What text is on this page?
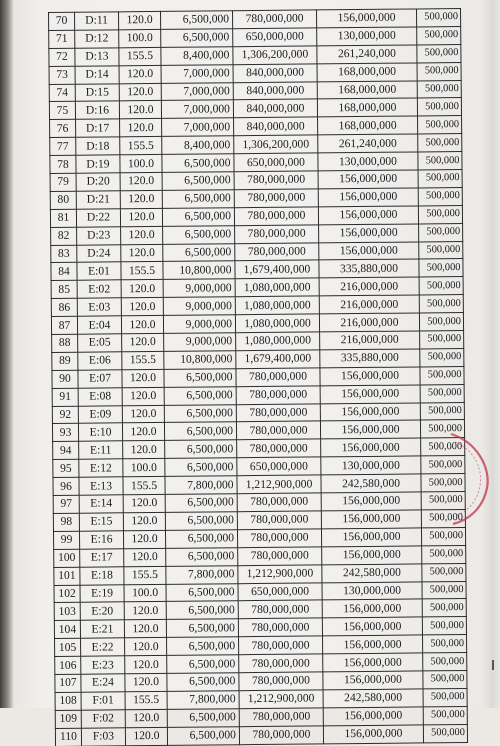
70	D:11	120.0	6,500,000	780,000,000	156,000,000	500,000
71	D:12	100.0	6,500,000	650,000,000	130,000,000	500,000
72	D:13	155.5	8,400,000	1,306,200,000	261,240,000	500,000
73	D:14	120.0	7,000,000	840,000,000	168,000,000	500,000
74	D:15	120.0	7,000,000	840,000,000	168,000,000	500,000
75	D:16	120.0	7,000,000	840,000,000	168,000,000	500,000
76	D:17	120.0	7,000,000	840,000,000	168,000,000	500,000
77	D:18	155.5	8,400,000	1,306,200,000	261,240,000	500,000
78	D:19	100.0	6,500,000	650,000,000	130,000,000	500,000
79	D:20	120.0	6,500,000	780,000,000	156,000,000	500,000
80	D:21	120.0	6,500,000	780,000,000	156,000,000	500,000
81	D:22	120.0	6,500,000	780,000,000	156,000,000	500,000
82	D:23	120.0	6,500,000	780,000,000	156,000,000	500,000
83	D:24	120.0	6,500,000	780,000,000	156,000,000	500,000
84	E:01	155.5	10,800,000	1,679,400,000	335,880,000	500,000
85	E:02	120.0	9,000,000	1,080,000,000	216,000,000	500,000
86	E:03	120.0	9,000,000	1,080,000,000	216,000,000	500,000
87	E:04	120.0	9,000,000	1,080,000,000	216,000,000	500,000
88	E:05	120.0	9,000,000	1,080,000,000	216,000,000	500,000
89	E:06	155.5	10,800,000	1,679,400,000	335,880,000	500,000
90	E:07	120.0	6,500,000	780,000,000	156,000,000	500,000
91	E:08	120.0	6,500,000	780,000,000	156,000,000	500,000
92	E:09	120.0	6,500,000	780,000,000	156,000,000	500,000
93	E:10	120.0	6,500,000	780,000,000	156,000,000	500,000
94	E:11	120.0	6,500,000	780,000,000	156,000,000	500,000
95	E:12	100.0	6,500,000	650,000,000	130,000,000	500,000
96	E:13	155.5	7,800,000	1,212,900,000	242,580,000	500,000
97	E:14	120.0	6,500,000	780,000,000	156,000,000	500,000
98	E:15	120.0	6,500,000	780,000,000	156,000,000	500,000
99	E:16	120.0	6,500,000	780,000,000	156,000,000	500,000
100	E:17	120.0	6,500,000	780,000,000	156,000,000	500,000
101	E:18	155.5	7,800,000	1,212,900,000	242,580,000	500,000
102	E:19	100.0	6,500,000	650,000,000	130,000,000	500,000
103	E:20	120.0	6,500,000	780,000,000	156,000,000	500,000
104	E:21	120.0	6,500,000	780,000,000	156,000,000	500,000
105	E:22	120.0	6,500,000	780,000,000	156,000,000	500,000
106	E:23	120.0	6,500,000	780,000,000	156,000,000	500,000
107	E:24	120.0	6,500,000	780,000,000	156,000,000	500,000
108	F:01	155.5	7,800,000	1,212,900,000	242,580,000	500,000
109	F:02	120.0	6,500,000	780,000,000	156,000,000	500,000
110	F:03	120.0	6,500,000	780,000,000	156,000,000	500,000
